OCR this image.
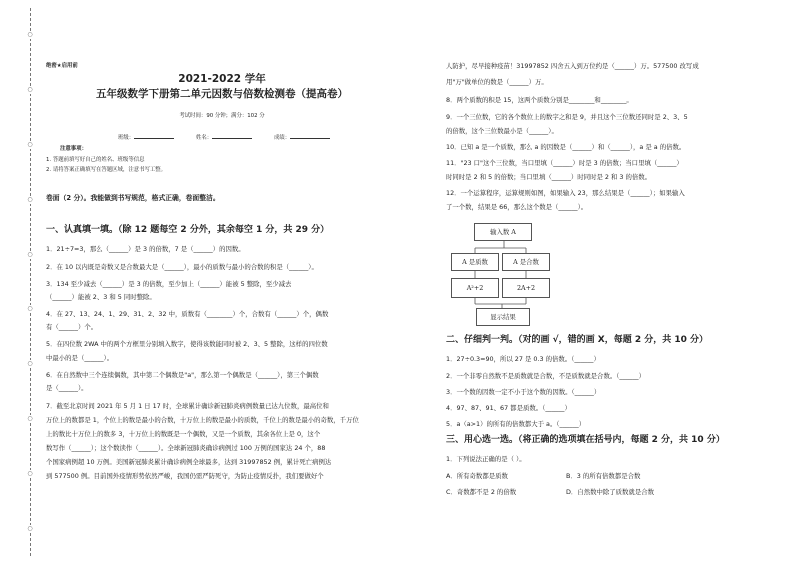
○
○
○
○
○
○
○
○
○
○
绝密★启用前
2021-2022 学年
五年级数学下册第二单元因数与倍数检测卷（提高卷）
考试时间：90 分钟；满分：102 分
班级：	姓名：	成绩：
注意事项：
1. 答题前填写好自己的姓名、班级等信息
2. 请将答案正确填写在答题区域，注意书写工整。
卷面（2 分）。我能做到书写规范，格式正确，卷面整洁。
一、认真填一填。（除 12 题每空 2 分外，其余每空 1 分，共 29 分）
1．21÷7=3，那么（______）是 3 的倍数，7 是（______）的因数。
2．在 10 以内既是奇数又是合数最大是（______），最小的质数与最小的合数的积是（______）。
3．134 至少减去（______）是 3 的倍数，至少加上（______）能被 5 整除，至少减去
（______）能被 2、3 和 5 同时整除。
4．在 27、13、24、1、29、31、2、32 中，质数有（________）个，合数有（______）个，偶数
有（______）个。
5．在四位数 2WA 中的两个方框里分别填入数字，使得该数能同时被 2、3、5 整除，这样的四位数
中最小的是（______）。
6．在自然数中三个连续偶数，其中第二个偶数是"a"，那么第一个偶数是（______），第三个偶数
是（______）。
7．截至北京时间 2021 年 5 月 1 日 17 时，全球累计确诊新冠肺炎病例数量已达九位数，最高位和
万位上的数都是 1，个位上的数是最小的合数，十万位上的数是最小的质数，千位上的数是最小的奇数，千万位
上的数比十万位上的数多 3，十万位上的数既是一个偶数，又是一个质数，其余各位上是 0，这个
数写作（______）；这个数读作（______）。全球新冠肺炎确诊病例过 100 万例的国家达 24 个，88
个国家病例超 10 万例。美国新冠肺炎累计确诊病例全球最多，达到 31997852 例，累计死亡病例达
到 577500 例。目前国外疫情形势依然严峻，我国仍需严防死守，为防止疫情反扑，我们要做好个
人防护，尽早接种疫苗！31997852 四舍五入到万位约是（______）万。577500 改写成
用"万"做单位的数是（______）万。
8．两个质数的积是 15，这两个质数分别是________和________。
9．一个三位数，它的各个数位上的数字之和是 9，并且这个三位数还同时是 2、3、5
的倍数，这个三位数最小是（______）。
10．已知 a 是一个质数，那么 a 的因数是（______）和（______），a 是 a 的倍数。
11．"23 口"这个三位数，当口里填（______）时是 3 的倍数；当口里填（______）
时同时是 2 和 5 的倍数；当口里填（______）时同时是 2 和 3 的倍数。
12．一个运算程序，运算规则如图，如果输入 23，那么结果是（______）；如果输入
了一个数，结果是 66，那么这个数是（______）。
输入数 A
A 是质数	A 是合数
A²+2	2A+2
显示结果
二、仔细判一判。（对的画 √，错的画 X，每题 2 分，共 10 分）
1．27÷0.3=90，所以 27 是 0.3 的倍数。（______）
2．一个非零自然数不是质数就是合数，不是质数就是合数。（______）
3．一个数的因数一定不小于这个数的因数。（______）
4．97、87、91、67 都是质数。（______）
5．a（a>1）的所有的倍数都大于 a。（______）
三、用心选一选。（将正确的选项填在括号内，每题 2 分，共 10 分）
1．下列说法正确的是（ ）。
A．所有奇数都是质数	B．3 的所有倍数都是合数
C．奇数都不是 2 的倍数	D．自然数中除了质数就是合数
